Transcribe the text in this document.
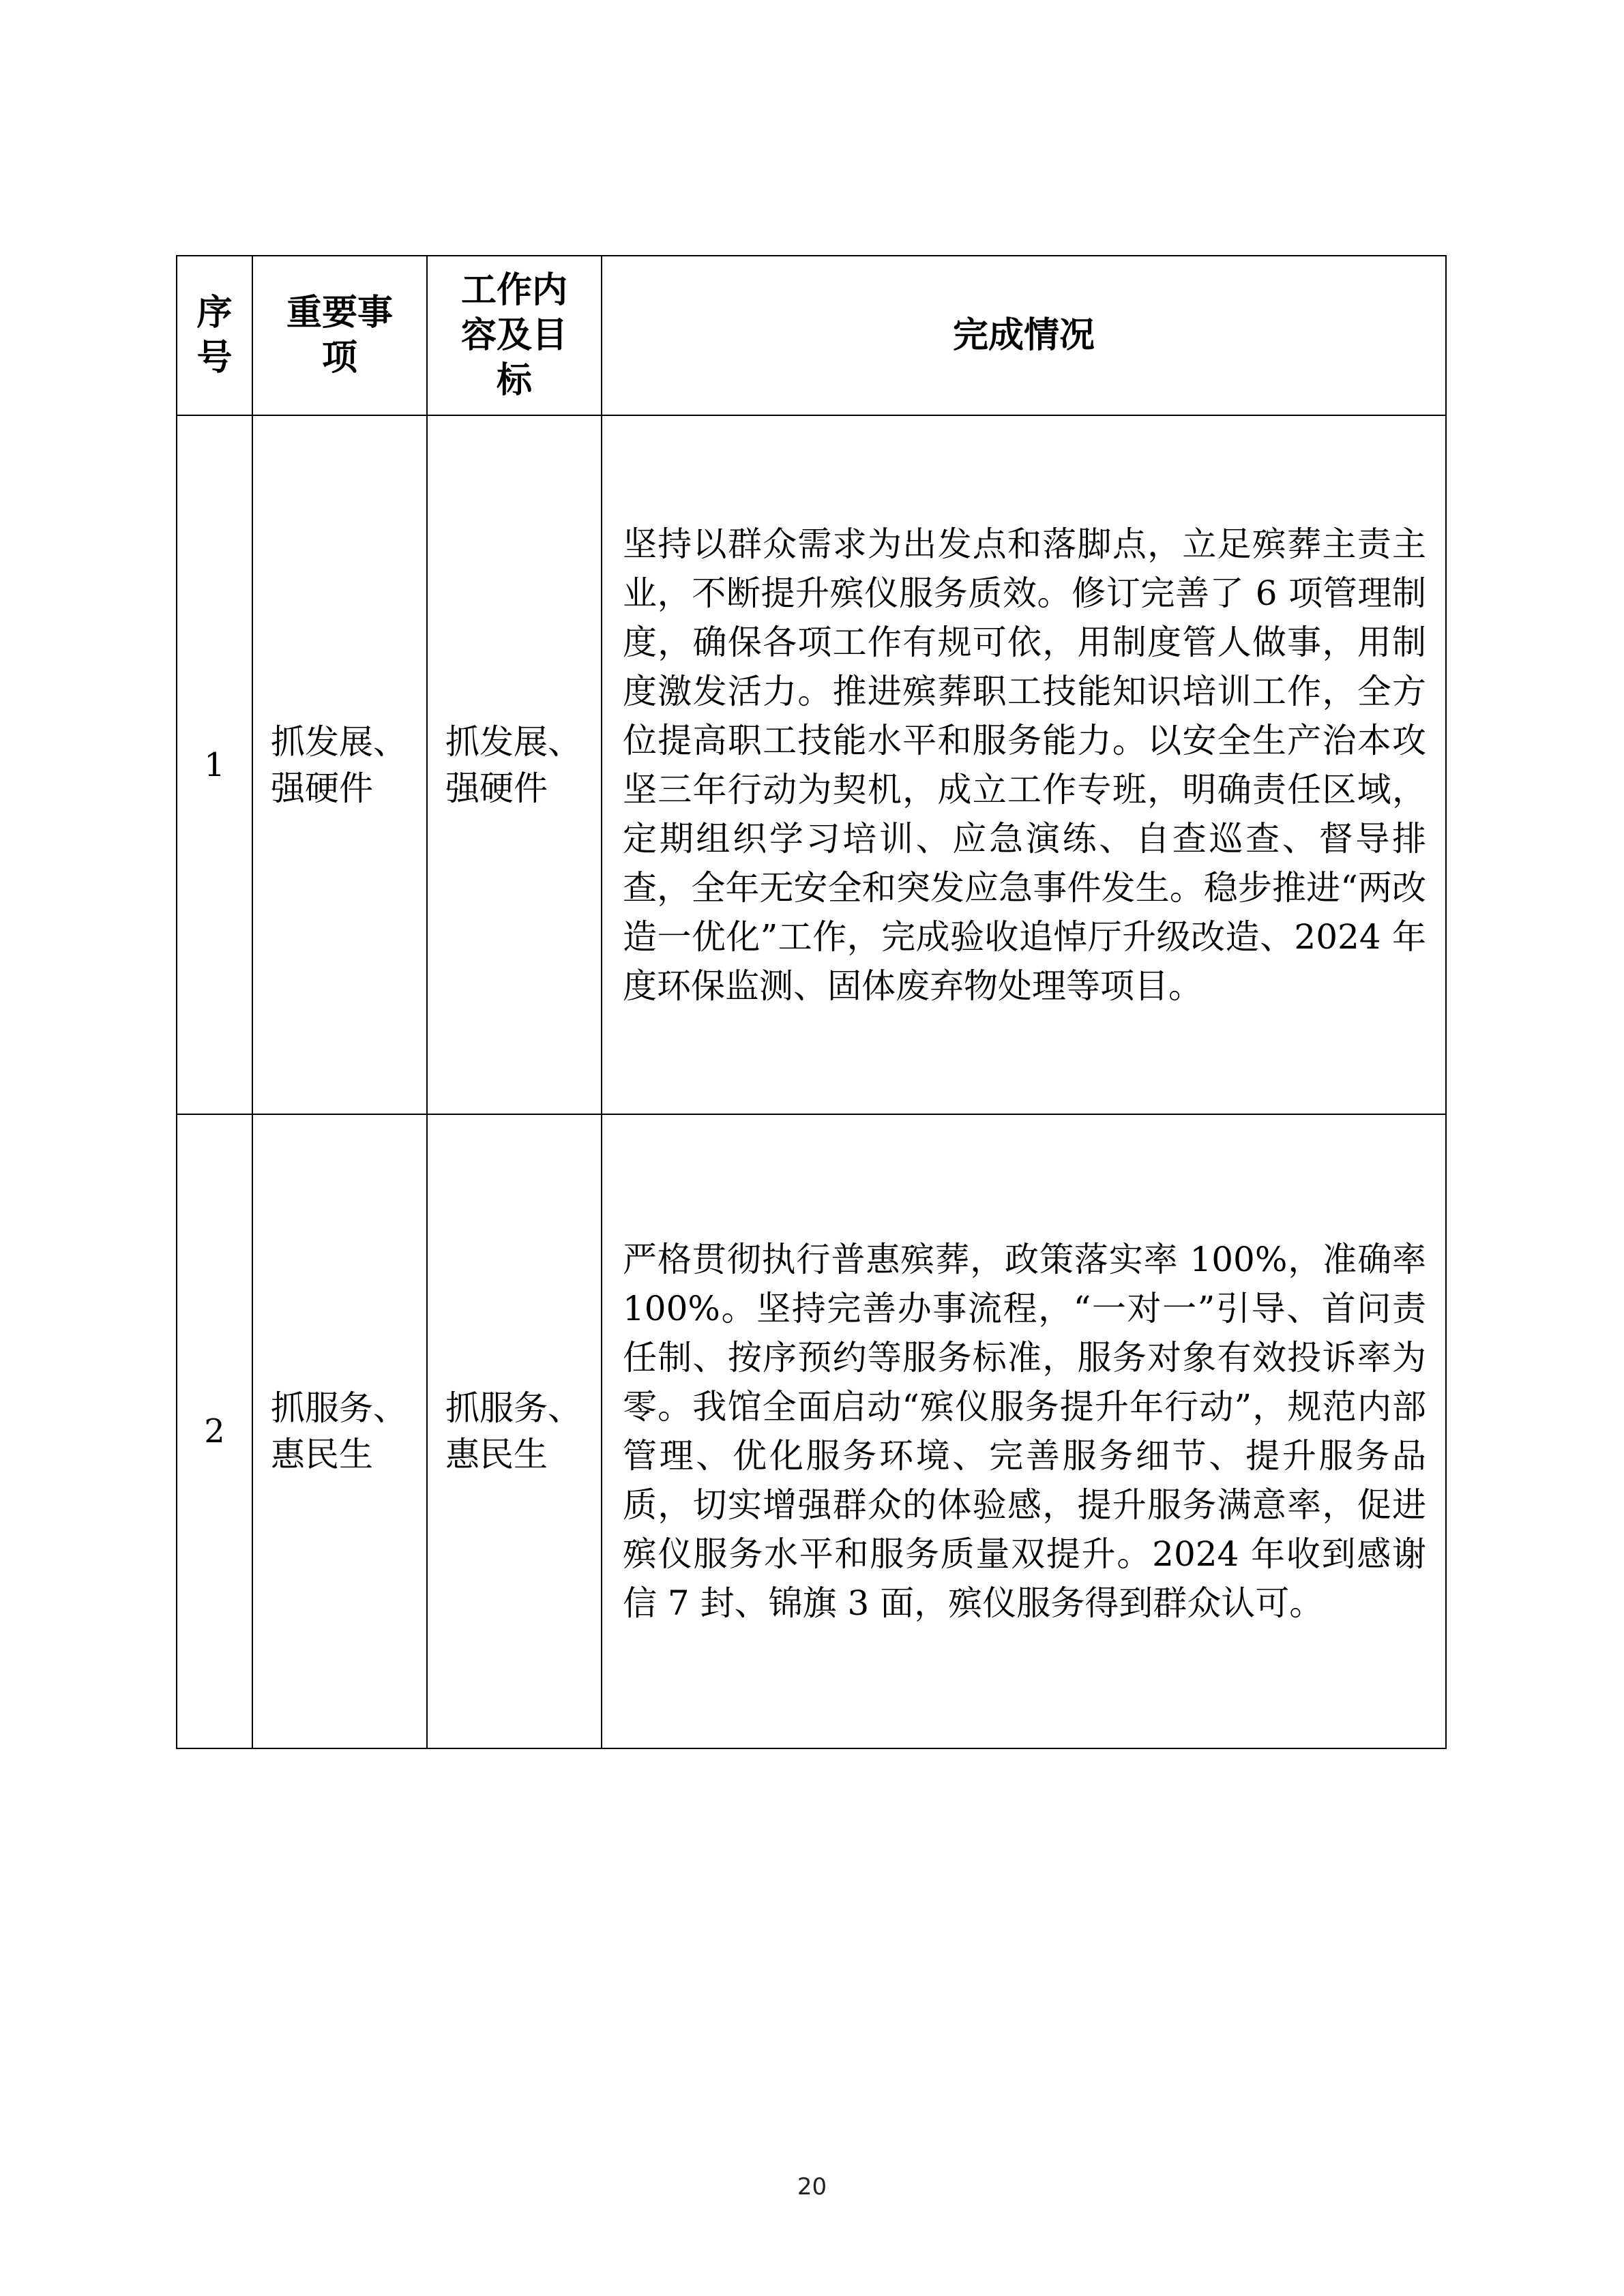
序号	重要事项	工作内容及目标	完成情况
1	抓发展、强硬件	抓发展、强硬件	坚持以群众需求为出发点和落脚点，立足殡葬主责主业，不断提升殡仪服务质效。修订完善了 6 项管理制度，确保各项工作有规可依，用制度管人做事，用制度激发活力。推进殡葬职工技能知识培训工作，全方位提高职工技能水平和服务能力。以安全生产治本攻坚三年行动为契机，成立工作专班，明确责任区域，定期组织学习培训、应急演练、自查巡查、督导排查，全年无安全和突发应急事件发生。稳步推进“两改造一优化”工作，完成验收追悼厅升级改造、2024 年度环保监测、固体废弃物处理等项目。
2	抓服务、惠民生	抓服务、惠民生	严格贯彻执行普惠殡葬，政策落实率 100%，准确率 100%。坚持完善办事流程，“一对一”引导、首问责任制、按序预约等服务标准，服务对象有效投诉率为零。我馆全面启动“殡仪服务提升年行动”，规范内部管理、优化服务环境、完善服务细节、提升服务品质，切实增强群众的体验感，提升服务满意率，促进殡仪服务水平和服务质量双提升。2024 年收到感谢信 7 封、锦旗 3 面，殡仪服务得到群众认可。
20
